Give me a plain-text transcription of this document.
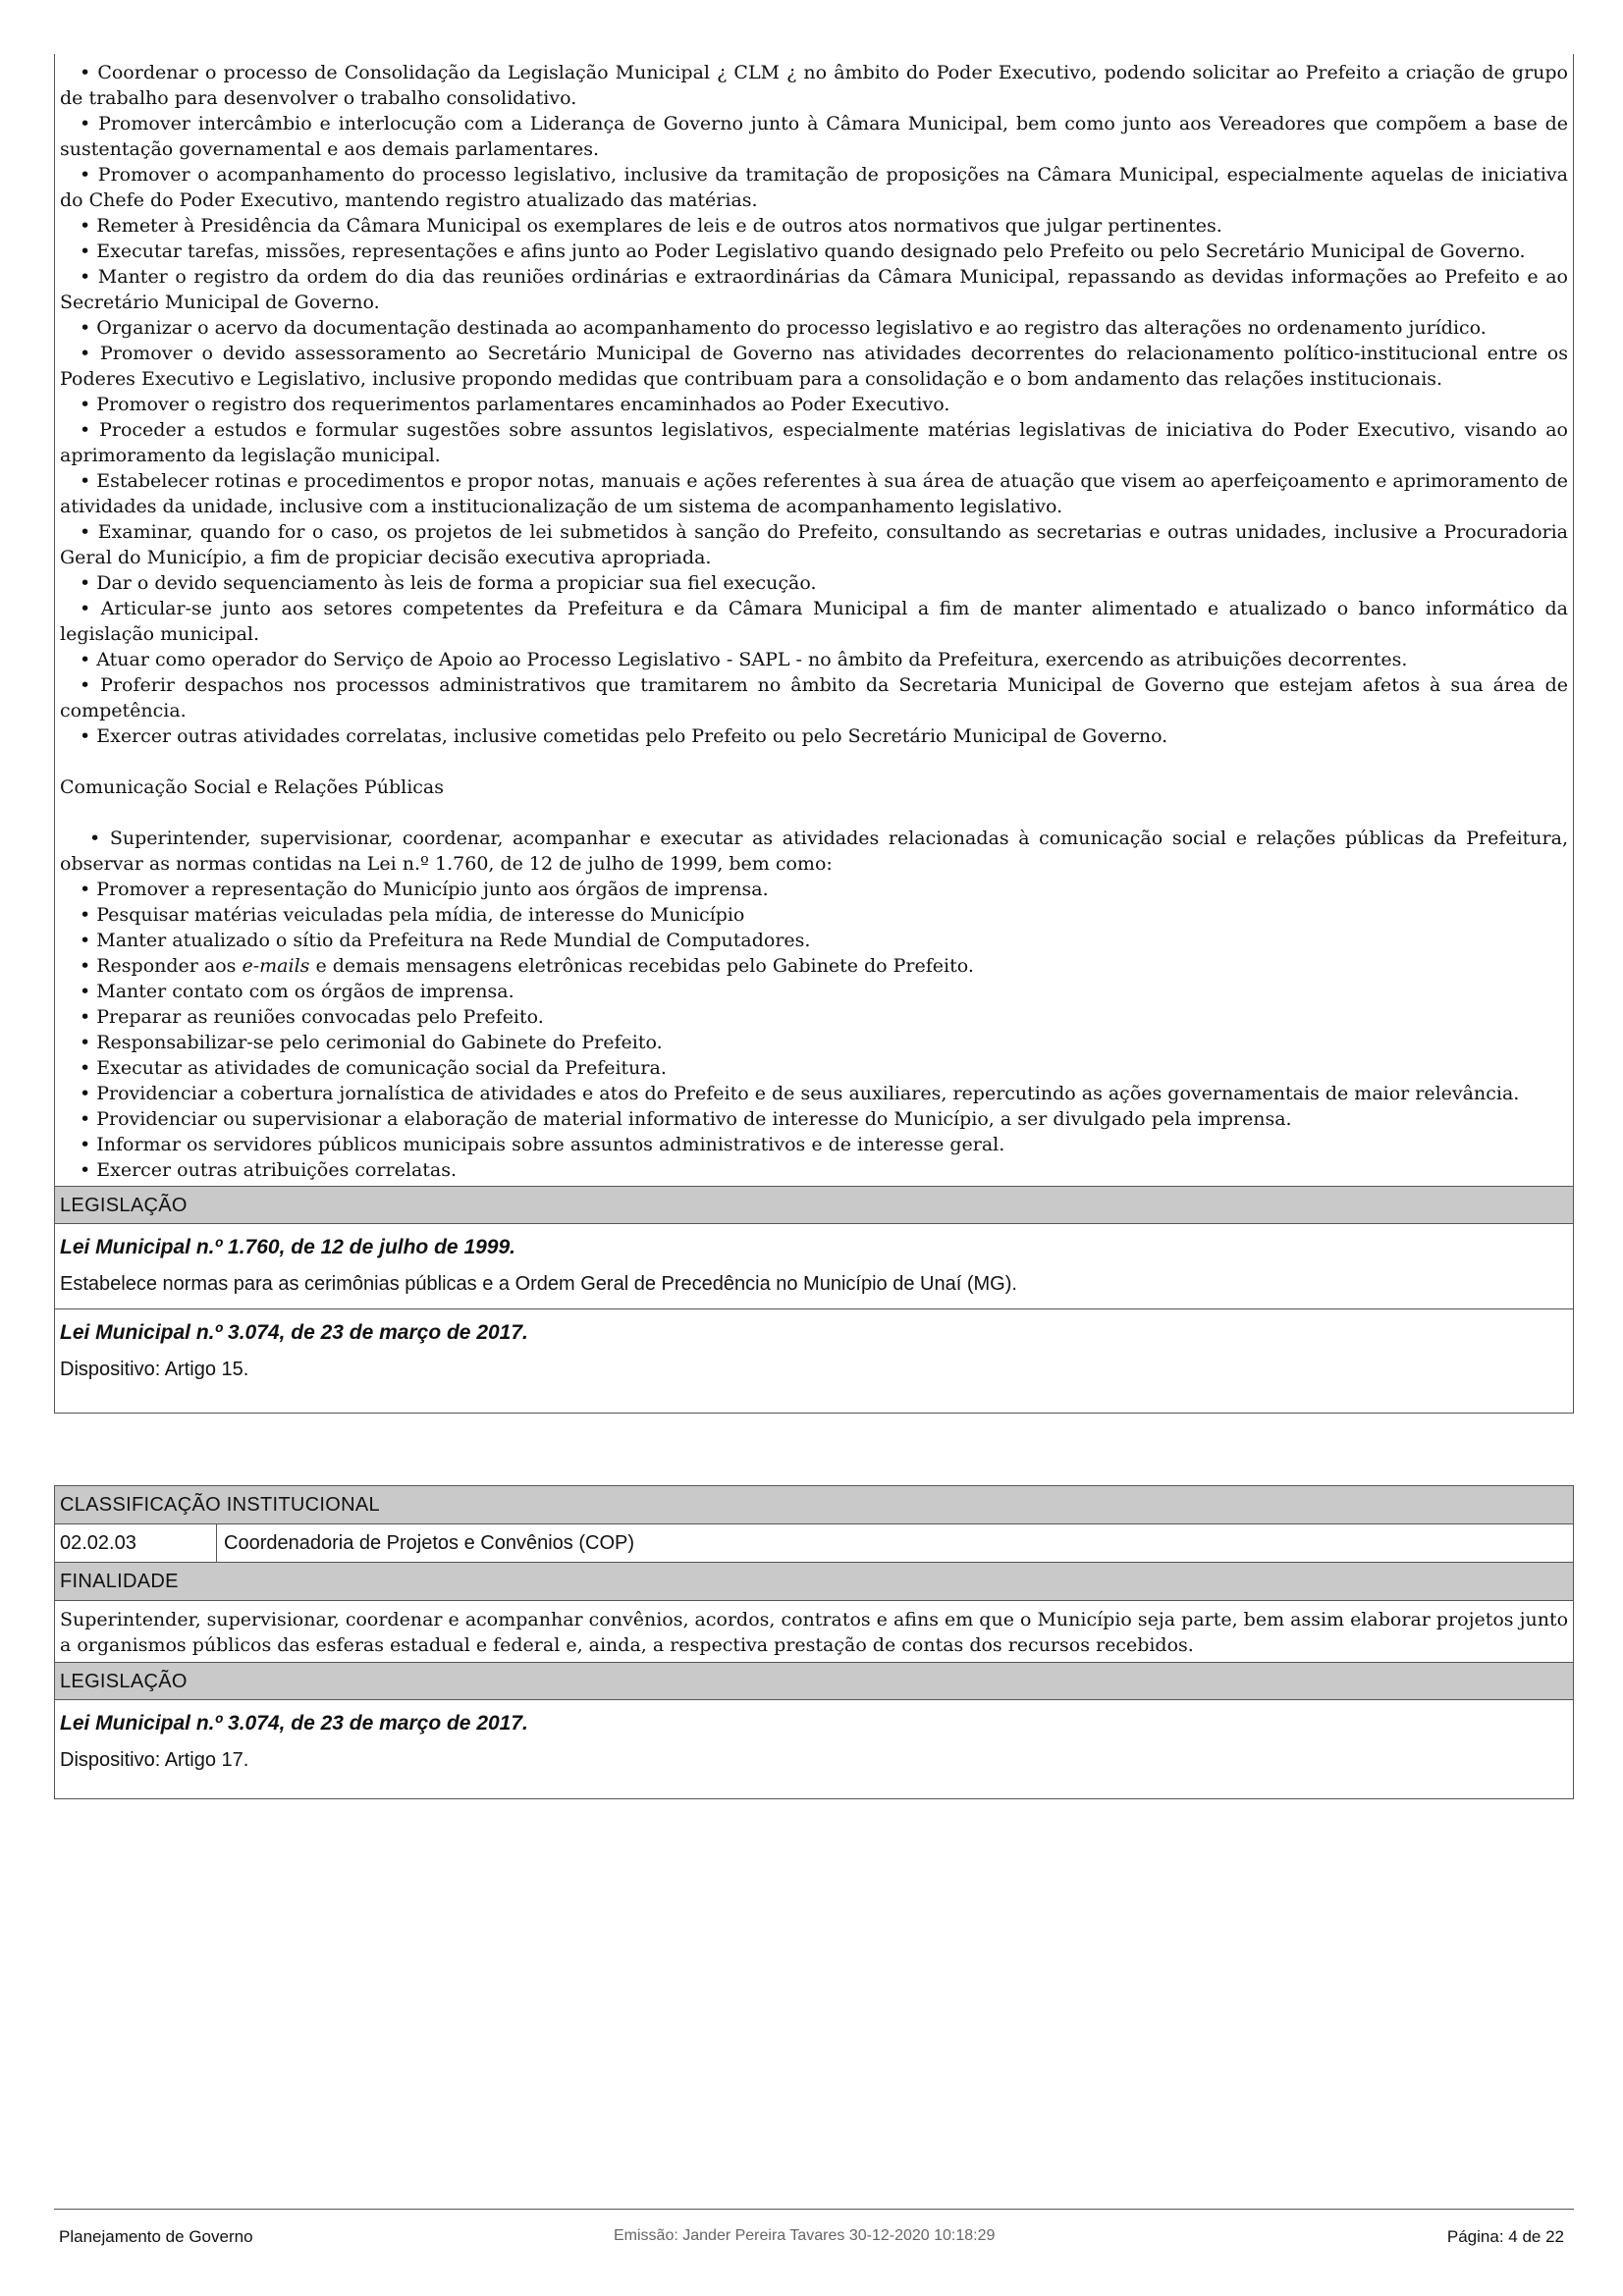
• Coordenar o processo de Consolidação da Legislação Municipal ¿ CLM ¿ no âmbito do Poder Executivo, podendo solicitar ao Prefeito a criação de grupo de trabalho para desenvolver o trabalho consolidativo.

• Promover intercâmbio e interlocução com a Liderança de Governo junto à Câmara Municipal, bem como junto aos Vereadores que compõem a base de sustentação governamental e aos demais parlamentares.

• Promover o acompanhamento do processo legislativo, inclusive da tramitação de proposições na Câmara Municipal, especialmente aquelas de iniciativa do Chefe do Poder Executivo, mantendo registro atualizado das matérias.

• Remeter à Presidência da Câmara Municipal os exemplares de leis e de outros atos normativos que julgar pertinentes.

• Executar tarefas, missões, representações e afins junto ao Poder Legislativo quando designado pelo Prefeito ou pelo Secretário Municipal de Governo.

• Manter o registro da ordem do dia das reuniões ordinárias e extraordinárias da Câmara Municipal, repassando as devidas informações ao Prefeito e ao Secretário Municipal de Governo.

• Organizar o acervo da documentação destinada ao acompanhamento do processo legislativo e ao registro das alterações no ordenamento jurídico.

• Promover o devido assessoramento ao Secretário Municipal de Governo nas atividades decorrentes do relacionamento político-institucional entre os Poderes Executivo e Legislativo, inclusive propondo medidas que contribuam para a consolidação e o bom andamento das relações institucionais.

• Promover o registro dos requerimentos parlamentares encaminhados ao Poder Executivo.

• Proceder a estudos e formular sugestões sobre assuntos legislativos, especialmente matérias legislativas de iniciativa do Poder Executivo, visando ao aprimoramento da legislação municipal.

• Estabelecer rotinas e procedimentos e propor notas, manuais e ações referentes à sua área de atuação que visem ao aperfeiçoamento e aprimoramento de atividades da unidade, inclusive com a institucionalização de um sistema de acompanhamento legislativo.

• Examinar, quando for o caso, os projetos de lei submetidos à sanção do Prefeito, consultando as secretarias e outras unidades, inclusive a Procuradoria Geral do Município, a fim de propiciar decisão executiva apropriada.

• Dar o devido sequenciamento às leis de forma a propiciar sua fiel execução.

• Articular-se junto aos setores competentes da Prefeitura e da Câmara Municipal a fim de manter alimentado e atualizado o banco informático da legislação municipal.

• Atuar como operador do Serviço de Apoio ao Processo Legislativo - SAPL - no âmbito da Prefeitura, exercendo as atribuições decorrentes.

• Proferir despachos nos processos administrativos que tramitarem no âmbito da Secretaria Municipal de Governo que estejam afetos à sua área de competência.

• Exercer outras atividades correlatas, inclusive cometidas pelo Prefeito ou pelo Secretário Municipal de Governo.

Comunicação Social e Relações Públicas

• Superintender, supervisionar, coordenar, acompanhar e executar as atividades relacionadas à comunicação social e relações públicas da Prefeitura, observar as normas contidas na Lei n.º 1.760, de 12 de julho de 1999, bem como:

• Promover a representação do Município junto aos órgãos de imprensa.

• Pesquisar matérias veiculadas pela mídia, de interesse do Município

• Manter atualizado o sítio da Prefeitura na Rede Mundial de Computadores.

• Responder aos e-mails e demais mensagens eletrônicas recebidas pelo Gabinete do Prefeito.

• Manter contato com os órgãos de imprensa.

• Preparar as reuniões convocadas pelo Prefeito.

• Responsabilizar-se pelo cerimonial do Gabinete do Prefeito.

• Executar as atividades de comunicação social da Prefeitura.

• Providenciar a cobertura jornalística de atividades e atos do Prefeito e de seus auxiliares, repercutindo as ações governamentais de maior relevância.

• Providenciar ou supervisionar a elaboração de material informativo de interesse do Município, a ser divulgado pela imprensa.

• Informar os servidores públicos municipais sobre assuntos administrativos e de interesse geral.

• Exercer outras atribuições correlatas.

LEGISLAÇÃO
Lei Municipal n.º 1.760, de 12 de julho de 1999.
Estabelece normas para as cerimônias públicas e a Ordem Geral de Precedência no Município de Unaí (MG).
Lei Municipal n.º 3.074, de 23 de março de 2017.
Dispositivo: Artigo 15.
CLASSIFICAÇÃO INSTITUCIONAL
02.02.03	Coordenadoria de Projetos e Convênios (COP)
FINALIDADE
Superintender, supervisionar, coordenar e acompanhar convênios, acordos, contratos e afins em que o Município seja parte, bem assim elaborar projetos junto a organismos públicos das esferas estadual e federal e, ainda, a respectiva prestação de contas dos recursos recebidos.
LEGISLAÇÃO
Lei Municipal n.º 3.074, de 23 de março de 2017.
Dispositivo: Artigo 17.
Planejamento de Governo	Emissão: Jander Pereira Tavares 30-12-2020 10:18:29	Página: 4 de 22
